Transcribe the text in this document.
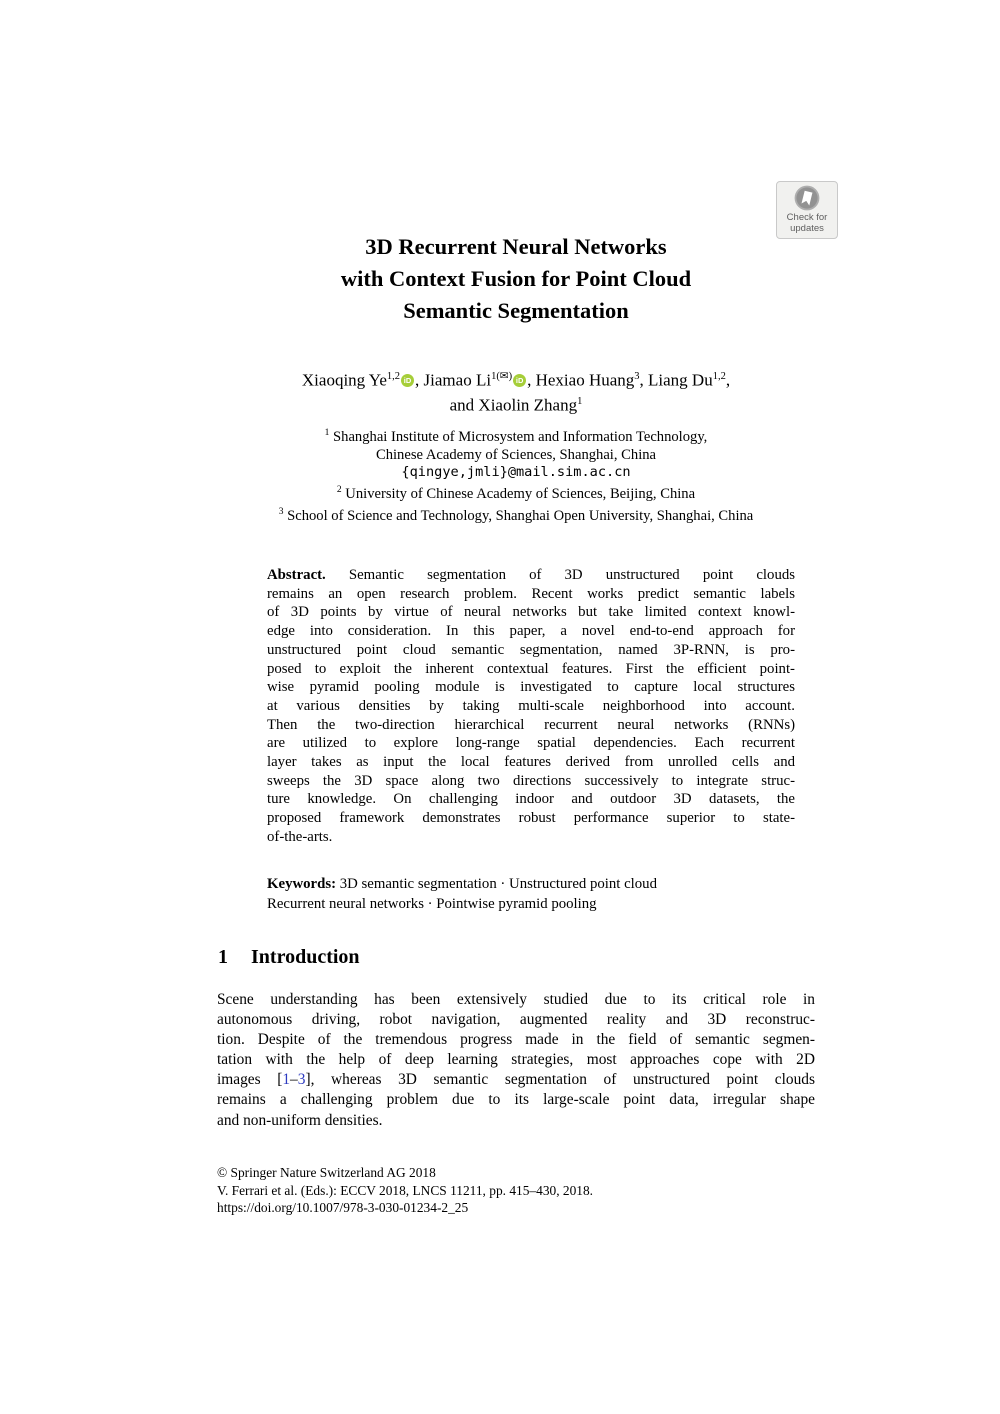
Check for
updates
3D Recurrent Neural Networks
with Context Fusion for Point Cloud
Semantic Segmentation
Xiaoqing Ye$^{1,2}$ iD , Jiamao $Li^{1(✉)}$ iD , Hexiao Huang$^3$, Liang Du$^{1,2}$,
and Xiaolin Zhang$^1$
$^1$ Shanghai Institute of Microsystem and Information Technology,
Chinese Academy of Sciences, Shanghai, China
{qingye,jmli}@mail.sim.ac.cn
$^2$ University of Chinese Academy of Sciences, Beijing, China
$^3$ School of Science and Technology, Shanghai Open University, Shanghai, China
Abstract. Semantic segmentation of 3D unstructured point clouds
remains an open research problem. Recent works predict semantic labels
of 3D points by virtue of neural networks but take limited context knowl-
edge into consideration. In this paper, a novel end-to-end approach for
unstructured point cloud semantic segmentation, named 3P-RNN, is pro-
posed to exploit the inherent contextual features. First the efficient point-
wise pyramid pooling module is investigated to capture local structures
at various densities by taking multi-scale neighborhood into account.
Then the two-direction hierarchical recurrent neural networks (RNNs)
are utilized to explore long-range spatial dependencies. Each recurrent
layer takes as input the local features derived from unrolled cells and
sweeps the 3D space along two directions successively to integrate struc-
ture knowledge. On challenging indoor and outdoor 3D datasets, the
proposed framework demonstrates robust performance superior to state-
of-the-arts.
Keywords: 3D semantic segmentation · Unstructured point cloud
Recurrent neural networks · Pointwise pyramid pooling
1 Introduction
Scene understanding has been extensively studied due to its critical role in
autonomous driving, robot navigation, augmented reality and 3D reconstruc-
tion. Despite of the tremendous progress made in the field of semantic segmen-
tation with the help of deep learning strategies, most approaches cope with 2D
images [1–3], whereas 3D semantic segmentation of unstructured point clouds
remains a challenging problem due to its large-scale point data, irregular shape
and non-uniform densities.
© Springer Nature Switzerland AG 2018
V. Ferrari et al. (Eds.): ECCV 2018, LNCS 11211, pp. 415–430, 2018.
https://doi.org/10.1007/978-3-030-01234-2_25
